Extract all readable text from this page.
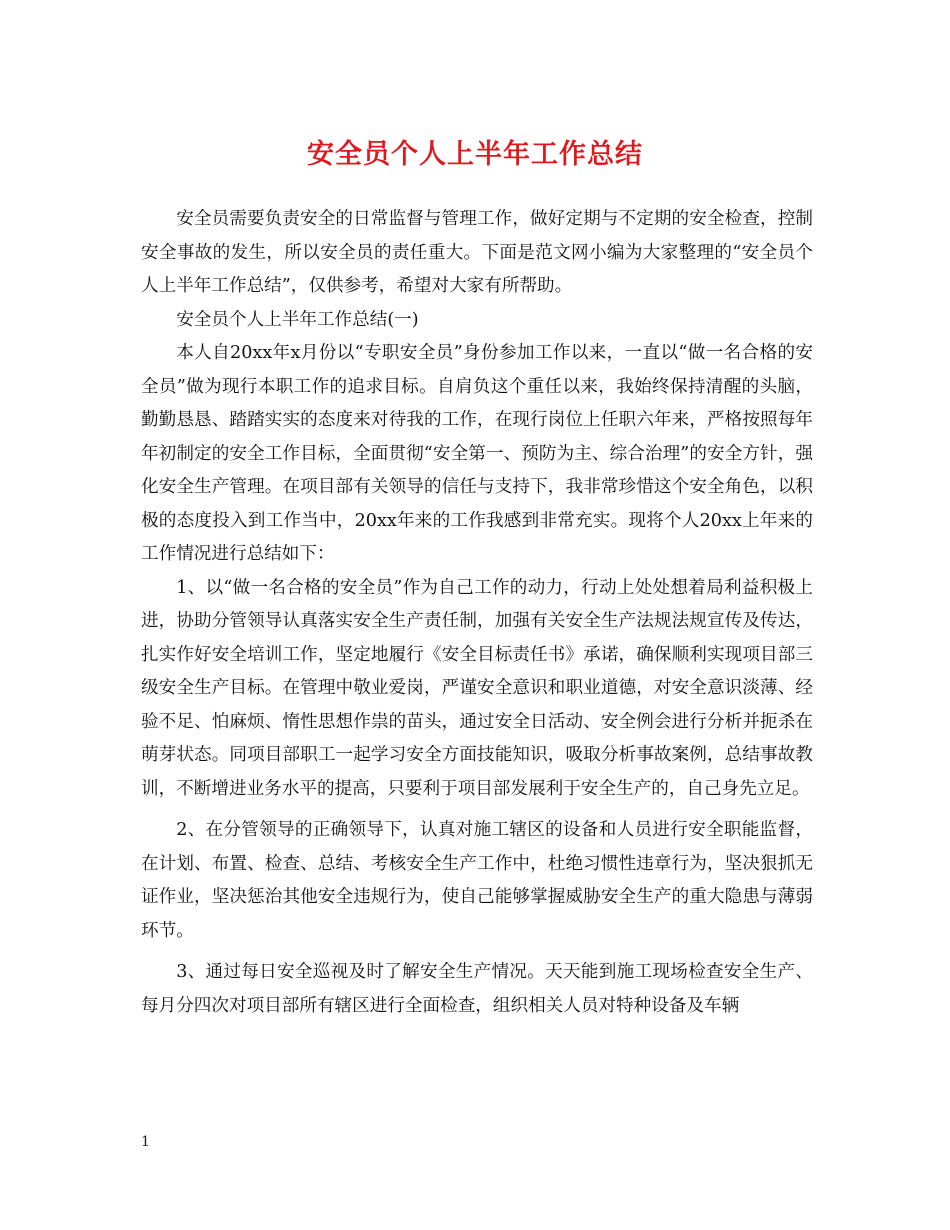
安全员个人上半年工作总结

安全员需要负责安全的日常监督与管理工作，做好定期与不定期的安全检查，控制安全事故的发生，所以安全员的责任重大。下面是范文网小编为大家整理的“安全员个人上半年工作总结”，仅供参考，希望对大家有所帮助。

安全员个人上半年工作总结(一)

本人自20xx年x月份以“专职安全员”身份参加工作以来，一直以“做一名合格的安全员”做为现行本职工作的追求目标。自肩负这个重任以来，我始终保持清醒的头脑，勤勤恳恳、踏踏实实的态度来对待我的工作，在现行岗位上任职六年来，严格按照每年年初制定的安全工作目标，全面贯彻“安全第一、预防为主、综合治理”的安全方针，强化安全生产管理。在项目部有关领导的信任与支持下，我非常珍惜这个安全角色，以积极的态度投入到工作当中，20xx年来的工作我感到非常充实。现将个人20xx上年来的工作情况进行总结如下：

1、以“做一名合格的安全员”作为自己工作的动力，行动上处处想着局利益积极上进，协助分管领导认真落实安全生产责任制，加强有关安全生产法规法规宣传及传达，扎实作好安全培训工作，坚定地履行《安全目标责任书》承诺，确保顺利实现项目部三级安全生产目标。在管理中敬业爱岗，严谨安全意识和职业道德，对安全意识淡薄、经验不足、怕麻烦、惰性思想作祟的苗头，通过安全日活动、安全例会进行分析并扼杀在萌芽状态。同项目部职工一起学习安全方面技能知识，吸取分析事故案例，总结事故教训，不断增进业务水平的提高，只要利于项目部发展利于安全生产的，自己身先立足。

2、在分管领导的正确领导下，认真对施工辖区的设备和人员进行安全职能监督，在计划、布置、检查、总结、考核安全生产工作中，杜绝习惯性违章行为，坚决狠抓无证作业，坚决惩治其他安全违规行为，使自己能够掌握威胁安全生产的重大隐患与薄弱环节。

3、通过每日安全巡视及时了解安全生产情况。天天能到施工现场检查安全生产、每月分四次对项目部所有辖区进行全面检查，组织相关人员对特种设备及车辆

1
